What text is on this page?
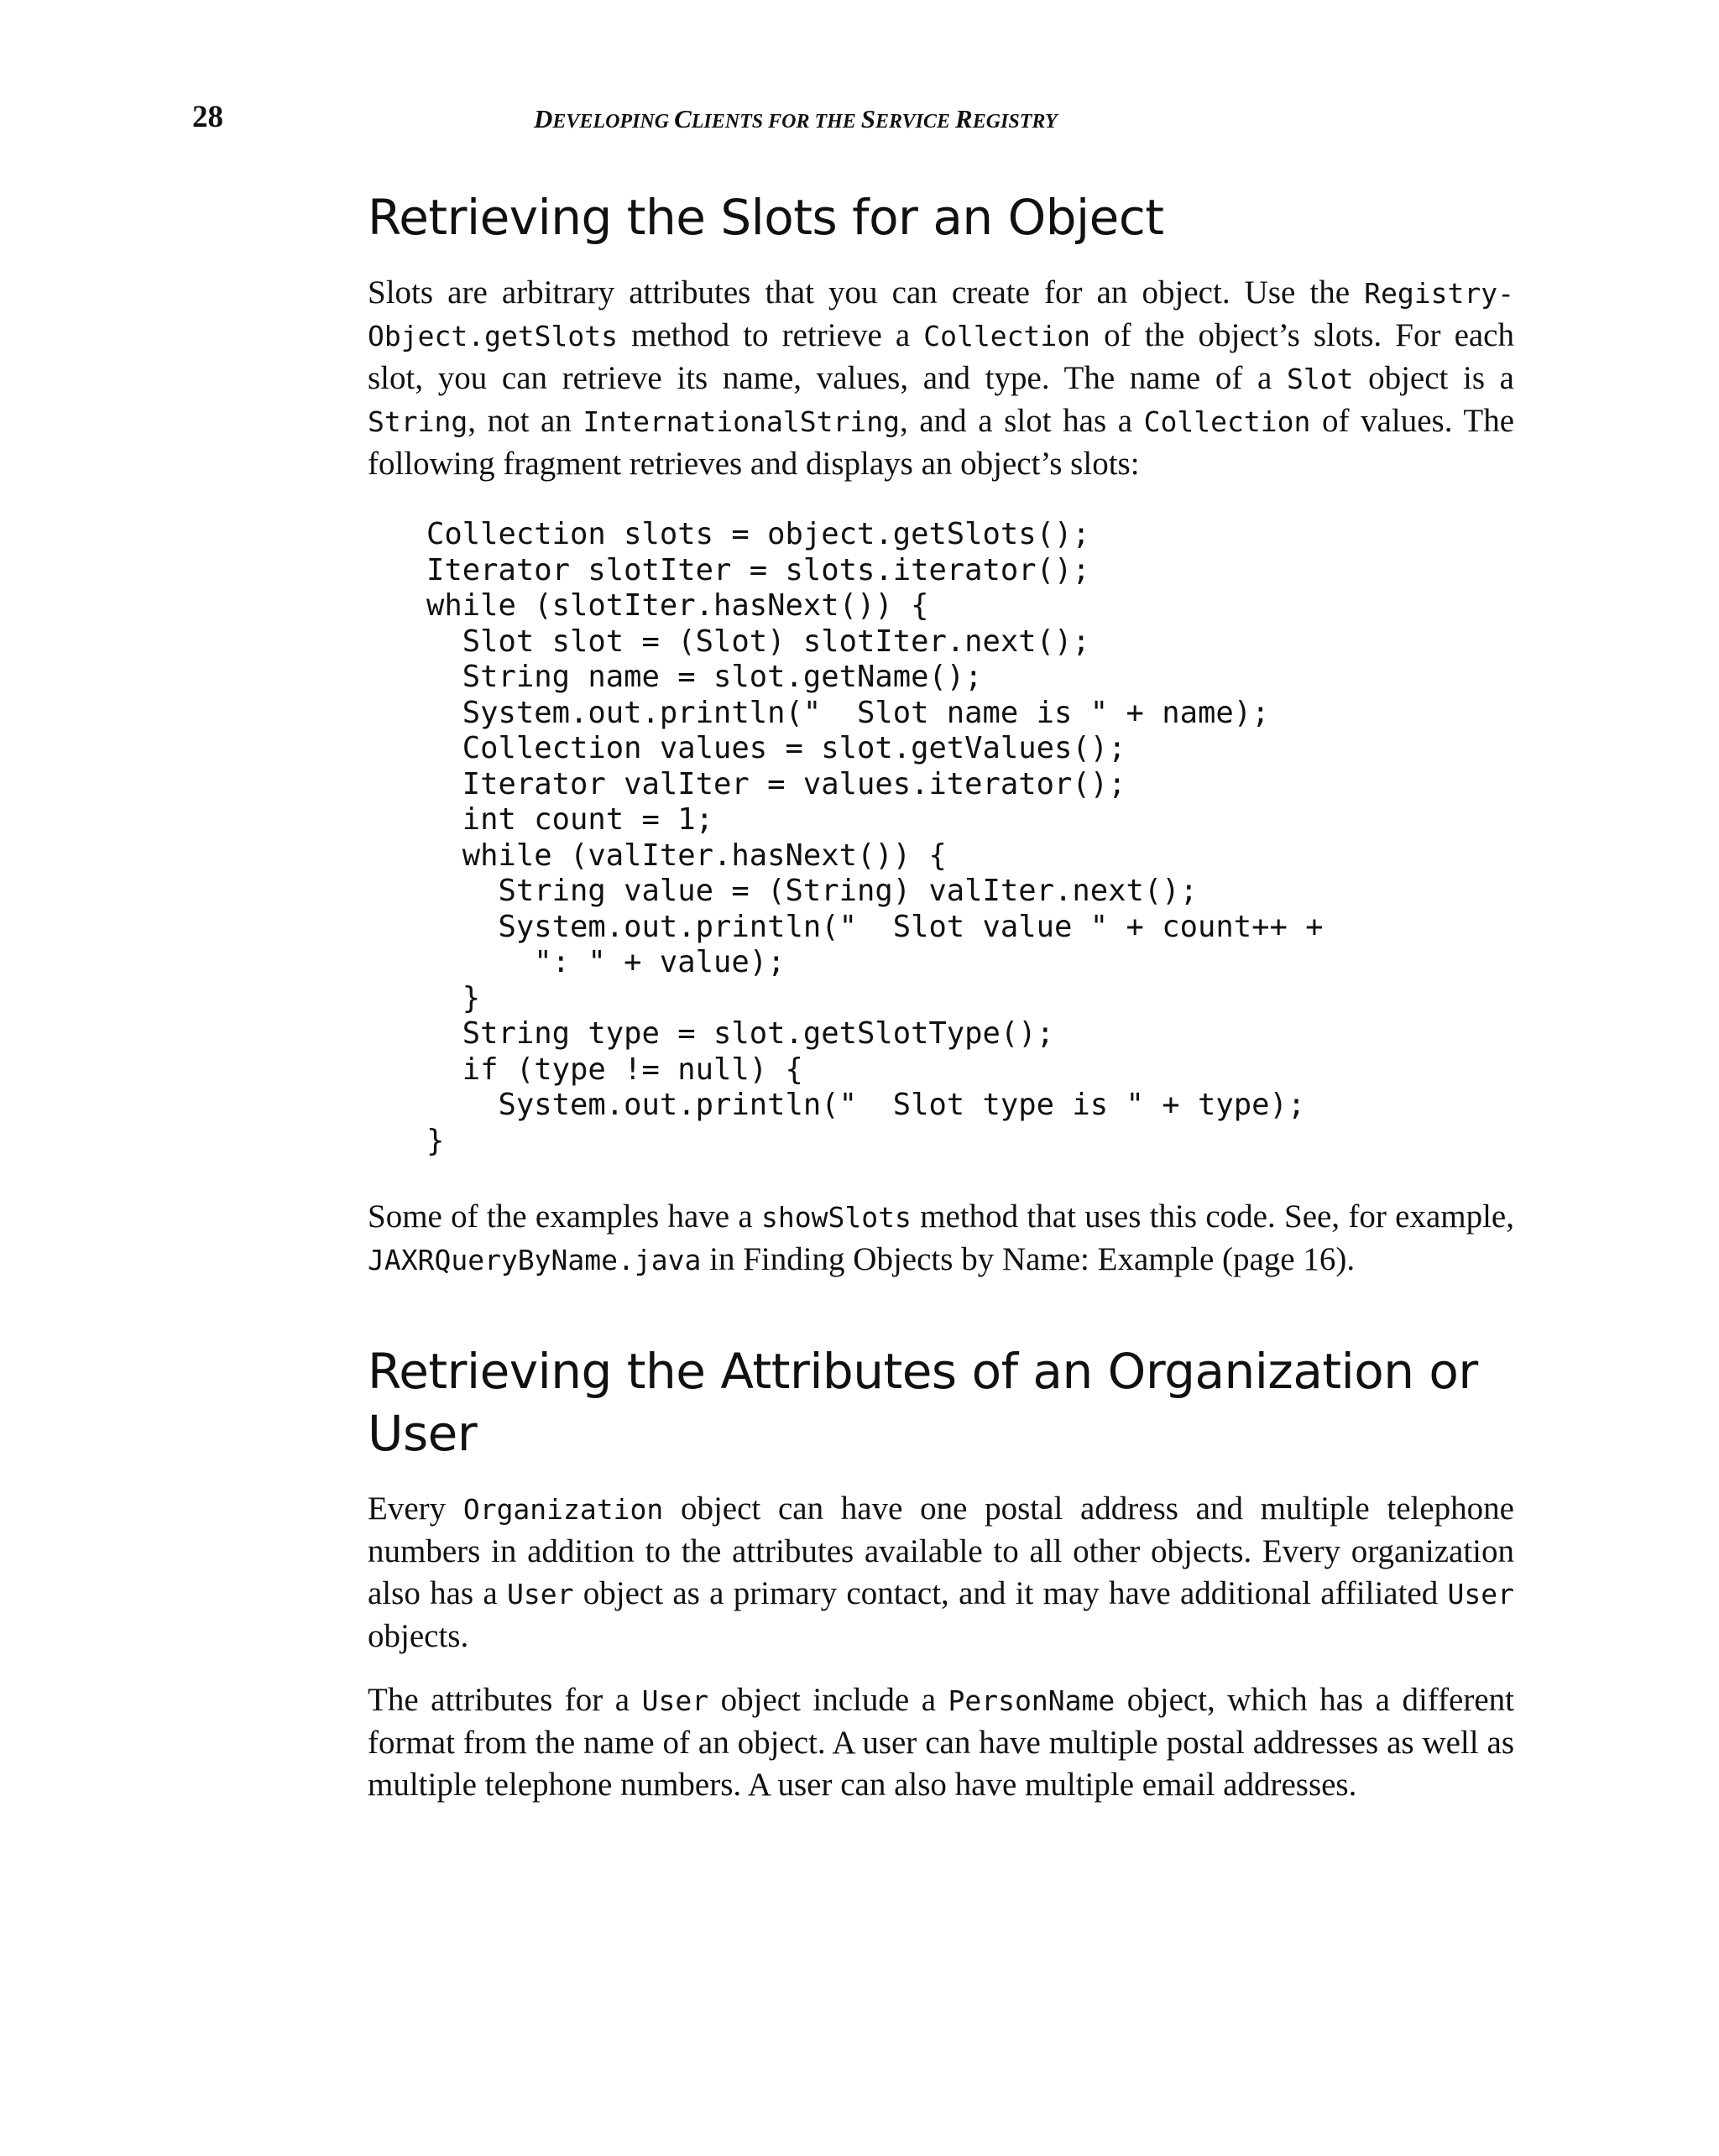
28	DEVELOPING CLIENTS FOR THE SERVICE REGISTRY
Retrieving the Slots for an Object

Slots are arbitrary attributes that you can create for an object. Use the Registry-Object.getSlots method to retrieve a Collection of the object’s slots. For each slot, you can retrieve its name, values, and type. The name of a Slot object is a String, not an InternationalString, and a slot has a Collection of values. The following fragment retrieves and displays an object’s slots:

Collection slots = object.getSlots();
Iterator slotIter = slots.iterator();
while (slotIter.hasNext()) {
Slot slot = (Slot) slotIter.next();
String name = slot.getName();
System.out.println("  Slot name is " + name);
Collection values = slot.getValues();
Iterator valIter = values.iterator();
int count = 1;
while (valIter.hasNext()) {
String value = (String) valIter.next();
System.out.println("  Slot value " + count++ +
": " + value);
}
String type = slot.getSlotType();
if (type != null) {
System.out.println("  Slot type is " + type);
}

Some of the examples have a showSlots method that uses this code. See, for example, JAXRQueryByName.java in Finding Objects by Name: Example (page 16).

Retrieving the Attributes of an Organization or User

Every Organization object can have one postal address and multiple telephone numbers in addition to the attributes available to all other objects. Every organization also has a User object as a primary contact, and it may have additional affiliated User objects.

The attributes for a User object include a PersonName object, which has a different format from the name of an object. A user can have multiple postal addresses as well as multiple telephone numbers. A user can also have multiple email addresses.
